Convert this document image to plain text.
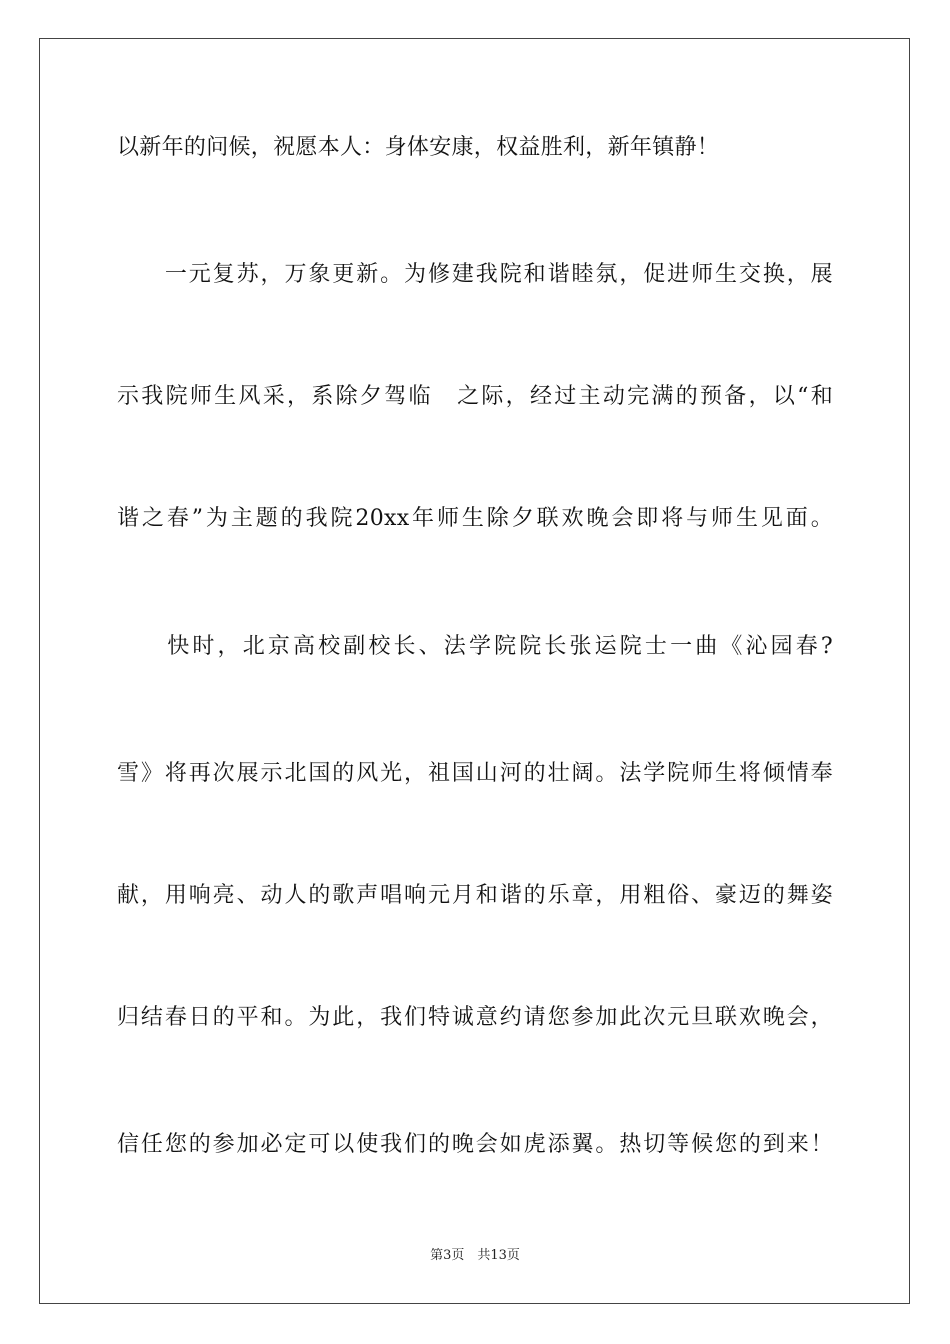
以新年的问候，祝愿本人：身体安康，权益胜利，新年镇静！
　　一元复苏，万象更新。为修建我院和谐睦氛，促进师生交换，展
示我院师生风采，系除夕驾临　之际，经过主动完满的预备，以“和
谐之春”为主题的我院20xx年师生除夕联欢晚会即将与师生见面。
　　快时，北京高校副校长、法学院院长张运院士一曲《沁园春?
雪》将再次展示北国的风光，祖国山河的壮阔。法学院师生将倾情奉
献，用响亮、动人的歌声唱响元月和谐的乐章，用粗俗、豪迈的舞姿
归结春日的平和。为此，我们特诚意约请您参加此次元旦联欢晚会，
信任您的参加必定可以使我们的晚会如虎添翼。热切等候您的到来！
第3页　共13页
